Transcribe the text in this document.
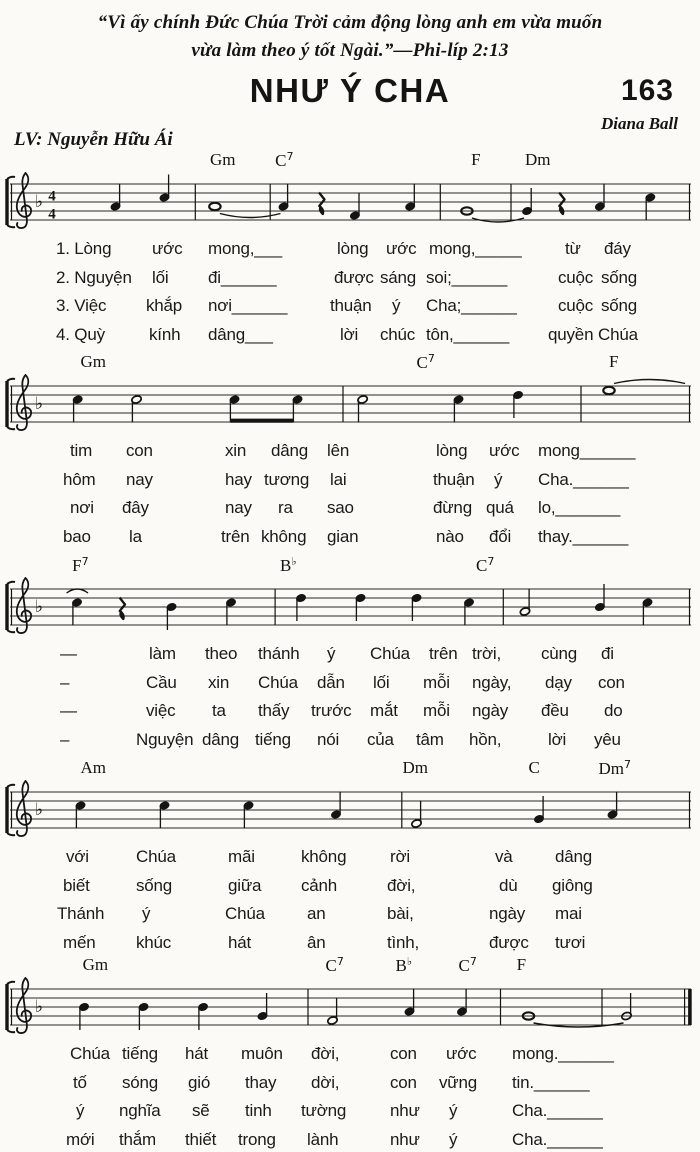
“Vì ấy chính Đức Chúa Trời cảm động lòng anh em vừa muốn
vừa làm theo ý tốt Ngài.”—Phi-líp 2:13
NHƯ Ý CHA	163
Diana Ball
LV: Nguyễn Hữu Ái
Gm $C^7$	F	Dm
♭ 4
4
1. Lòng ước mong,___	lòng ước mong,_____	từ đáy
2. Nguyện lối đi______	được sáng soi;______	cuộc sống
3. Việc khắp nơi______	thuận ý Cha;______ cuộc sống
4. Quỳ	kính dâng___	lời chúc tôn,______ quyền Chúa
Gm	$C^7$	F
♭
tim con	xin dâng lên	lòng ước mong______
hôm nay	hay tương lai	thuận ý Cha.______
nơi đây	nay ra sao	đừng quá lo,_______
bao la	trên không gian	nào đổi thay.______
$F^7$	B♭	$C^7$
♭
—	làm theo thánh ý Chúa trên trời, cùng đi
–	Cầu xin Chúa dẫn lối mỗi ngày, dạy con
—	việc ta thấy trước mắt mỗi ngày đều do
–	Nguyện dâng tiếng nói của tâm hồn,	lời yêu
Am	Dm	C	Dm$^7$
♭
với	Chúa	mãi	không	rời	và dâng
biết	sống	giữa cảnh	đời,	dù giông
Thánh ý	Chúa an	bài,	ngày mai
mến khúc	hát	ân	tình,	được tươi
Gm	$C^7$	B♭	$C^7$ F
♭
Chúa tiếng hát muôn đời,	con ước mong.______
tố sóng gió thay dời,	con vững tin.______
ý nghĩa sẽ tinh tường	như ý	Cha.______
mới thắm thiết trong lành	như ý	Cha.______
